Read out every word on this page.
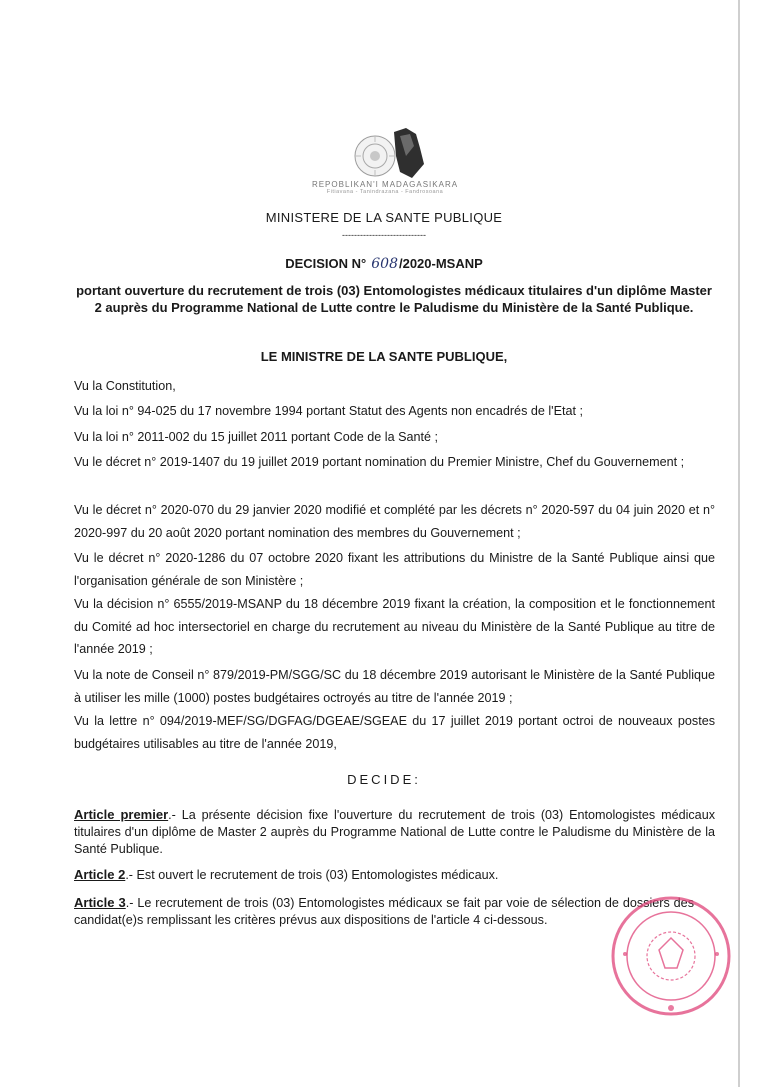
REPOBLIKAN'I MADAGASIKARA
Fitiavana - Tanindrazana - Fandrosoana
MINISTERE DE LA SANTE PUBLIQUE
----------------------------
DECISION N° 608/2020-MSANP
portant ouverture du recrutement de trois (03) Entomologistes médicaux titulaires d'un diplôme Master 2 auprès du Programme National de Lutte contre le Paludisme du Ministère de la Santé Publique.
LE MINISTRE DE LA SANTE PUBLIQUE,
Vu la Constitution,
Vu la loi n° 94-025 du 17 novembre 1994 portant Statut des Agents non encadrés de l'Etat ;
Vu la loi n° 2011-002 du 15 juillet 2011 portant Code de la Santé ;
Vu le décret n° 2019-1407 du 19 juillet 2019 portant nomination du Premier Ministre, Chef du Gouvernement ;
Vu le décret n° 2020-070 du 29 janvier 2020 modifié et complété par les décrets n° 2020-597 du 04 juin 2020 et n° 2020-997 du 20 août 2020 portant nomination des membres du Gouvernement ;
Vu le décret n° 2020-1286 du 07 octobre 2020 fixant les attributions du Ministre de la Santé Publique ainsi que l'organisation générale de son Ministère ;
Vu la décision n° 6555/2019-MSANP du 18 décembre 2019 fixant la création, la composition et le fonctionnement du Comité ad hoc intersectoriel en charge du recrutement au niveau du Ministère de la Santé Publique au titre de l'année 2019 ;
Vu la note de Conseil n° 879/2019-PM/SGG/SC du 18 décembre 2019 autorisant le Ministère de la Santé Publique à utiliser les mille (1000) postes budgétaires octroyés au titre de l'année 2019 ;
Vu la lettre n° 094/2019-MEF/SG/DGFAG/DGEAE/SGEAE du 17 juillet 2019 portant octroi de nouveaux postes budgétaires utilisables au titre de l'année 2019,
DECIDE:
Article premier.- La présente décision fixe l'ouverture du recrutement de trois (03) Entomologistes médicaux titulaires d'un diplôme de Master 2 auprès du Programme National de Lutte contre le Paludisme du Ministère de la Santé Publique.
Article 2.- Est ouvert le recrutement de trois (03) Entomologistes médicaux.
Article 3.- Le recrutement de trois (03) Entomologistes médicaux se fait par voie de sélection de dossiers des candidat(e)s remplissant les critères prévus aux dispositions de l'article 4 ci-dessous.
